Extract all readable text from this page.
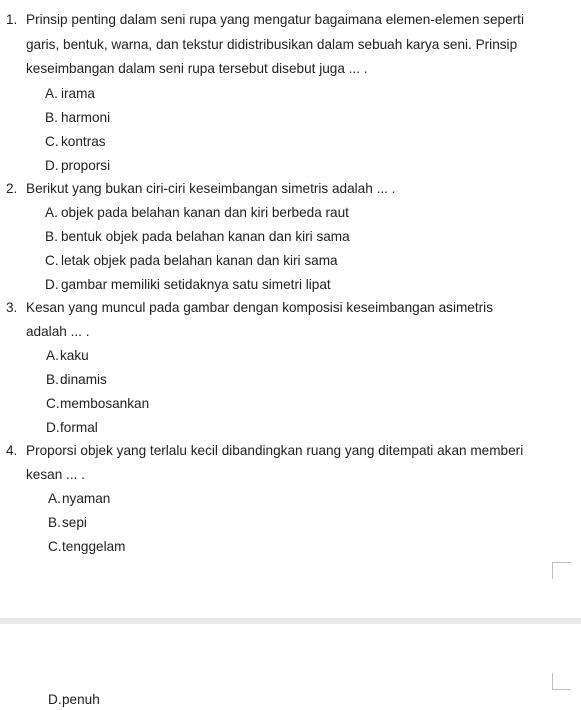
1. Prinsip penting dalam seni rupa yang mengatur bagaimana elemen-elemen seperti
garis, bentuk, warna, dan tekstur didistribusikan dalam sebuah karya seni. Prinsip
keseimbangan dalam seni rupa tersebut disebut juga ... .
A. irama
B. harmoni
C. kontras
D. proporsi
2. Berikut yang bukan ciri-ciri keseimbangan simetris adalah ... .
A. objek pada belahan kanan dan kiri berbeda raut
B. bentuk objek pada belahan kanan dan kiri sama
C. letak objek pada belahan kanan dan kiri sama
D. gambar memiliki setidaknya satu simetri lipat
3. Kesan yang muncul pada gambar dengan komposisi keseimbangan asimetris
adalah ... .
A.kaku
B.dinamis
C.membosankan
D.formal
4. Proporsi objek yang terlalu kecil dibandingkan ruang yang ditempati akan memberi
kesan ... .
A.nyaman
B.sepi
C.tenggelam
D.penuh
